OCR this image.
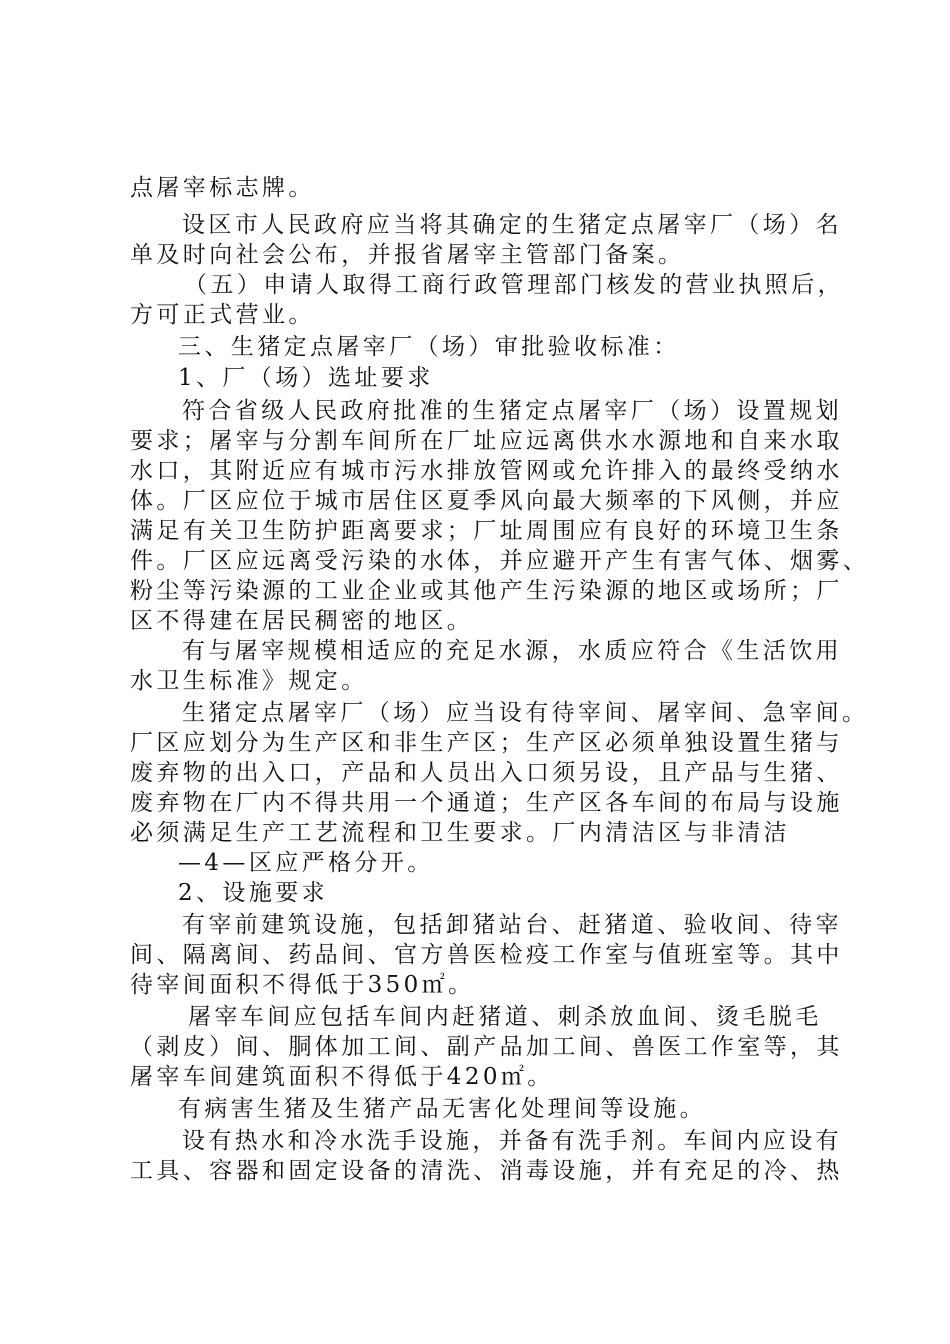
点屠宰标志牌。
设区市人民政府应当将其确定的生猪定点屠宰厂（场）名
单及时向社会公布，并报省屠宰主管部门备案。
（五）申请人取得工商行政管理部门核发的营业执照后，
方可正式营业。
三、生猪定点屠宰厂（场）审批验收标准：
1、厂（场）选址要求
符合省级人民政府批准的生猪定点屠宰厂（场）设置规划
要求；屠宰与分割车间所在厂址应远离供水水源地和自来水取
水口，其附近应有城市污水排放管网或允许排入的最终受纳水
体。厂区应位于城市居住区夏季风向最大频率的下风侧，并应
满足有关卫生防护距离要求；厂址周围应有良好的环境卫生条
件。厂区应远离受污染的水体，并应避开产生有害气体、烟雾、
粉尘等污染源的工业企业或其他产生污染源的地区或场所；厂
区不得建在居民稠密的地区。
有与屠宰规模相适应的充足水源，水质应符合《生活饮用
水卫生标准》规定。
生猪定点屠宰厂（场）应当设有待宰间、屠宰间、急宰间。
厂区应划分为生产区和非生产区；生产区必须单独设置生猪与
废弃物的出入口，产品和人员出入口须另设，且产品与生猪、
废弃物在厂内不得共用一个通道；生产区各车间的布局与设施
必须满足生产工艺流程和卫生要求。厂内清洁区与非清洁
—4—区应严格分开。
2、设施要求
有宰前建筑设施，包括卸猪站台、赶猪道、验收间、待宰
间、隔离间、药品间、官方兽医检疫工作室与值班室等。其中
待宰间面积不得低于350㎡。
屠宰车间应包括车间内赶猪道、刺杀放血间、烫毛脱毛
（剥皮）间、胴体加工间、副产品加工间、兽医工作室等，其
屠宰车间建筑面积不得低于420㎡。
有病害生猪及生猪产品无害化处理间等设施。
设有热水和冷水洗手设施，并备有洗手剂。车间内应设有
工具、容器和固定设备的清洗、消毒设施，并有充足的冷、热
